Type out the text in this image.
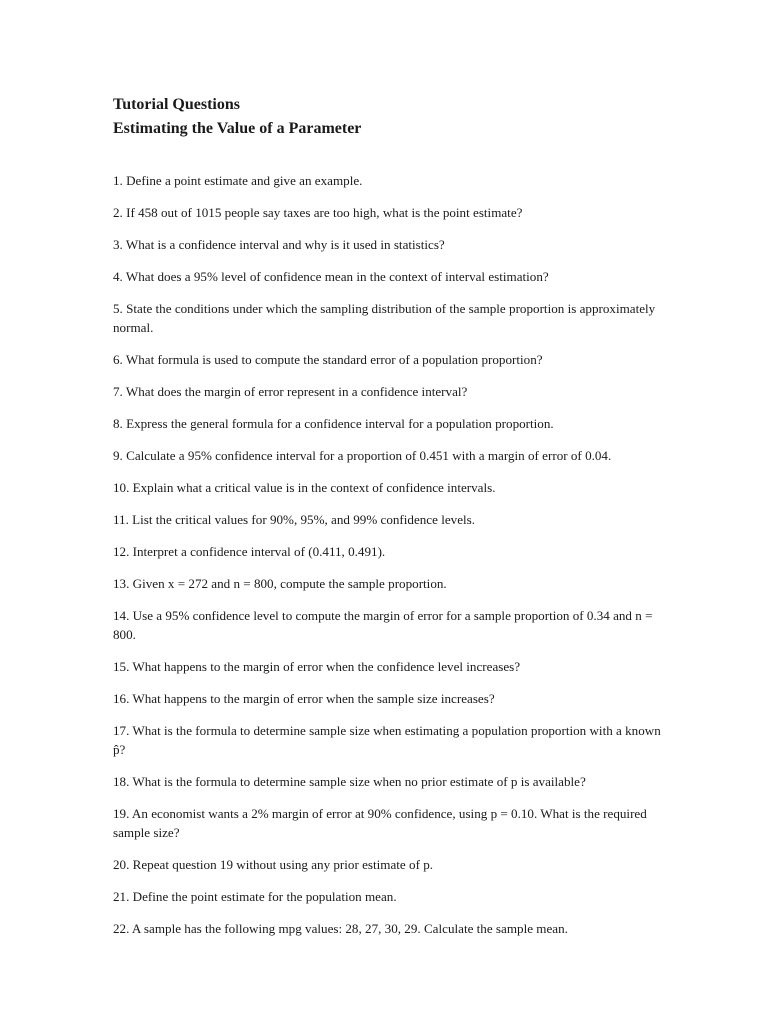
Tutorial Questions

Estimating the Value of a Parameter

1. Define a point estimate and give an example.
2. If 458 out of 1015 people say taxes are too high, what is the point estimate?
3. What is a confidence interval and why is it used in statistics?
4. What does a 95% level of confidence mean in the context of interval estimation?
5. State the conditions under which the sampling distribution of the sample proportion is approximately normal.
6. What formula is used to compute the standard error of a population proportion?
7. What does the margin of error represent in a confidence interval?
8. Express the general formula for a confidence interval for a population proportion.
9. Calculate a 95% confidence interval for a proportion of 0.451 with a margin of error of 0.04.
10. Explain what a critical value is in the context of confidence intervals.
11. List the critical values for 90%, 95%, and 99% confidence levels.
12. Interpret a confidence interval of (0.411, 0.491).
13. Given x = 272 and n = 800, compute the sample proportion.
14. Use a 95% confidence level to compute the margin of error for a sample proportion of 0.34 and n = 800.
15. What happens to the margin of error when the confidence level increases?
16. What happens to the margin of error when the sample size increases?
17. What is the formula to determine sample size when estimating a population proportion with a known p̂?
18. What is the formula to determine sample size when no prior estimate of p is available?
19. An economist wants a 2% margin of error at 90% confidence, using p = 0.10. What is the required sample size?
20. Repeat question 19 without using any prior estimate of p.
21. Define the point estimate for the population mean.
22. A sample has the following mpg values: 28, 27, 30, 29. Calculate the sample mean.
